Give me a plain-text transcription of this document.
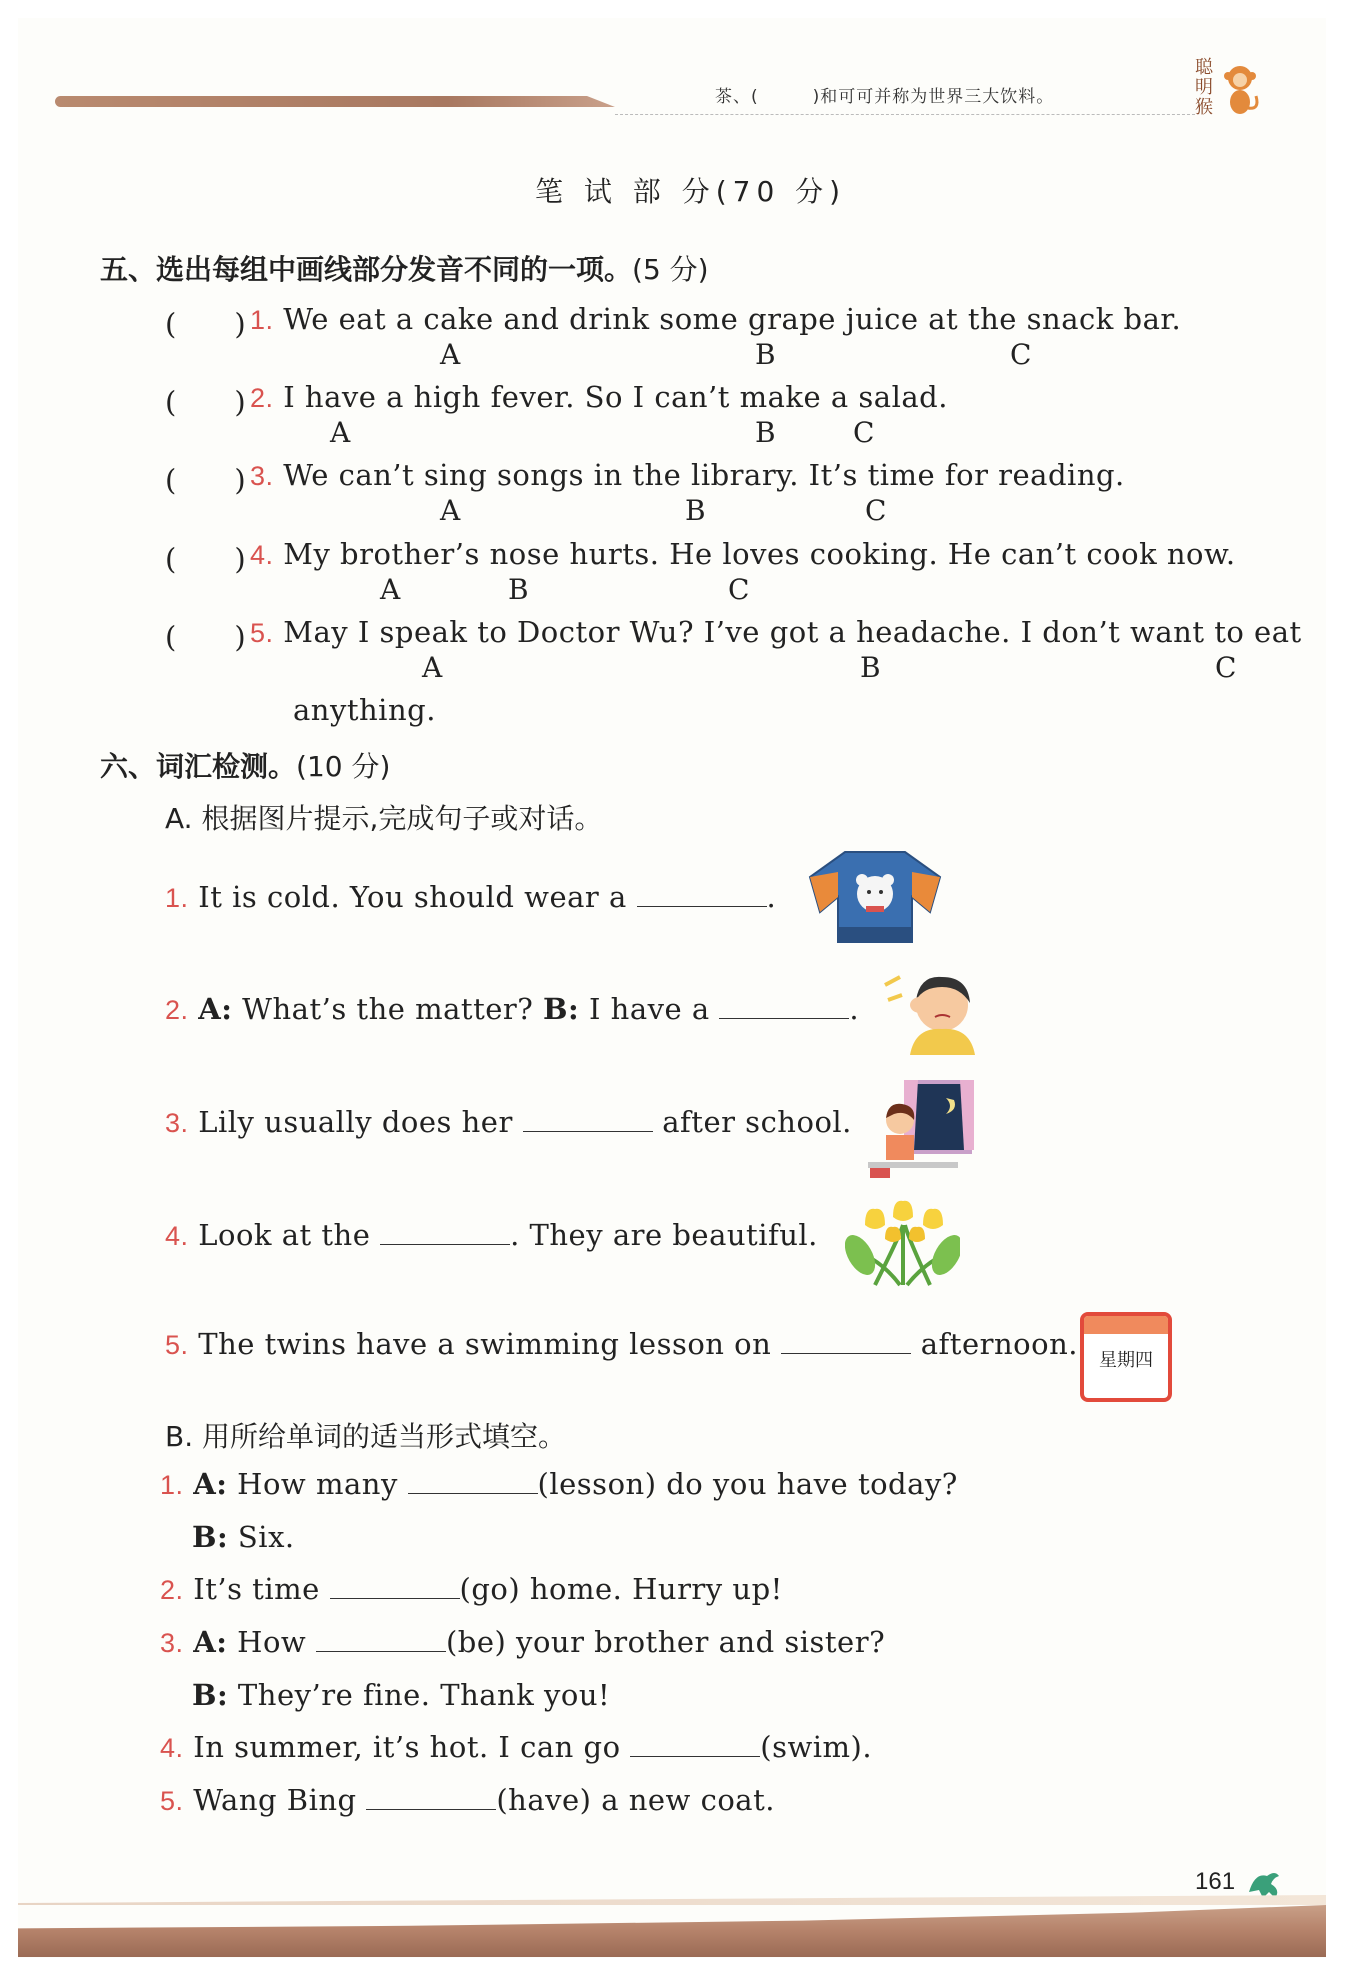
茶、(　　　)和可可并称为世界三大饮料。
聪
明
猴
笔 试 部 分(70 分)
五、选出每组中画线部分发音不同的一项。(5 分)
(　　) 1. We eat a cake and drink some grape juice at the snack bar.
A	B	C
(　　) 2. I have a high fever. So I can’t make a salad.
A	B	C
(　　) 3. We can’t sing songs in the library. It’s time for reading.
A	B	C
(　　) 4. My brother’s nose hurts. He loves cooking. He can’t cook now.
A	B	C
(　　) 5. May I speak to Doctor Wu? I’ve got a headache. I don’t want to eat
A	B	C
anything.
六、词汇检测。(10 分)
A. 根据图片提示,完成句子或对话。
1. It is cold. You should wear a	.
2. A: What’s the matter? B: I have a	.
3. Lily usually does her	after school.
4. Look at the	. They are beautiful.
5. The twins have a swimming lesson on	afternoon.	星期四
B. 用所给单词的适当形式填空。
1. A: How many	(lesson) do you have today?
B: Six.
2. It’s time	(go) home. Hurry up!
3. A: How	(be) your brother and sister?
B: They’re fine. Thank you!
4. In summer, it’s hot. I can go	(swim).
5. Wang Bing	(have) a new coat.
161
